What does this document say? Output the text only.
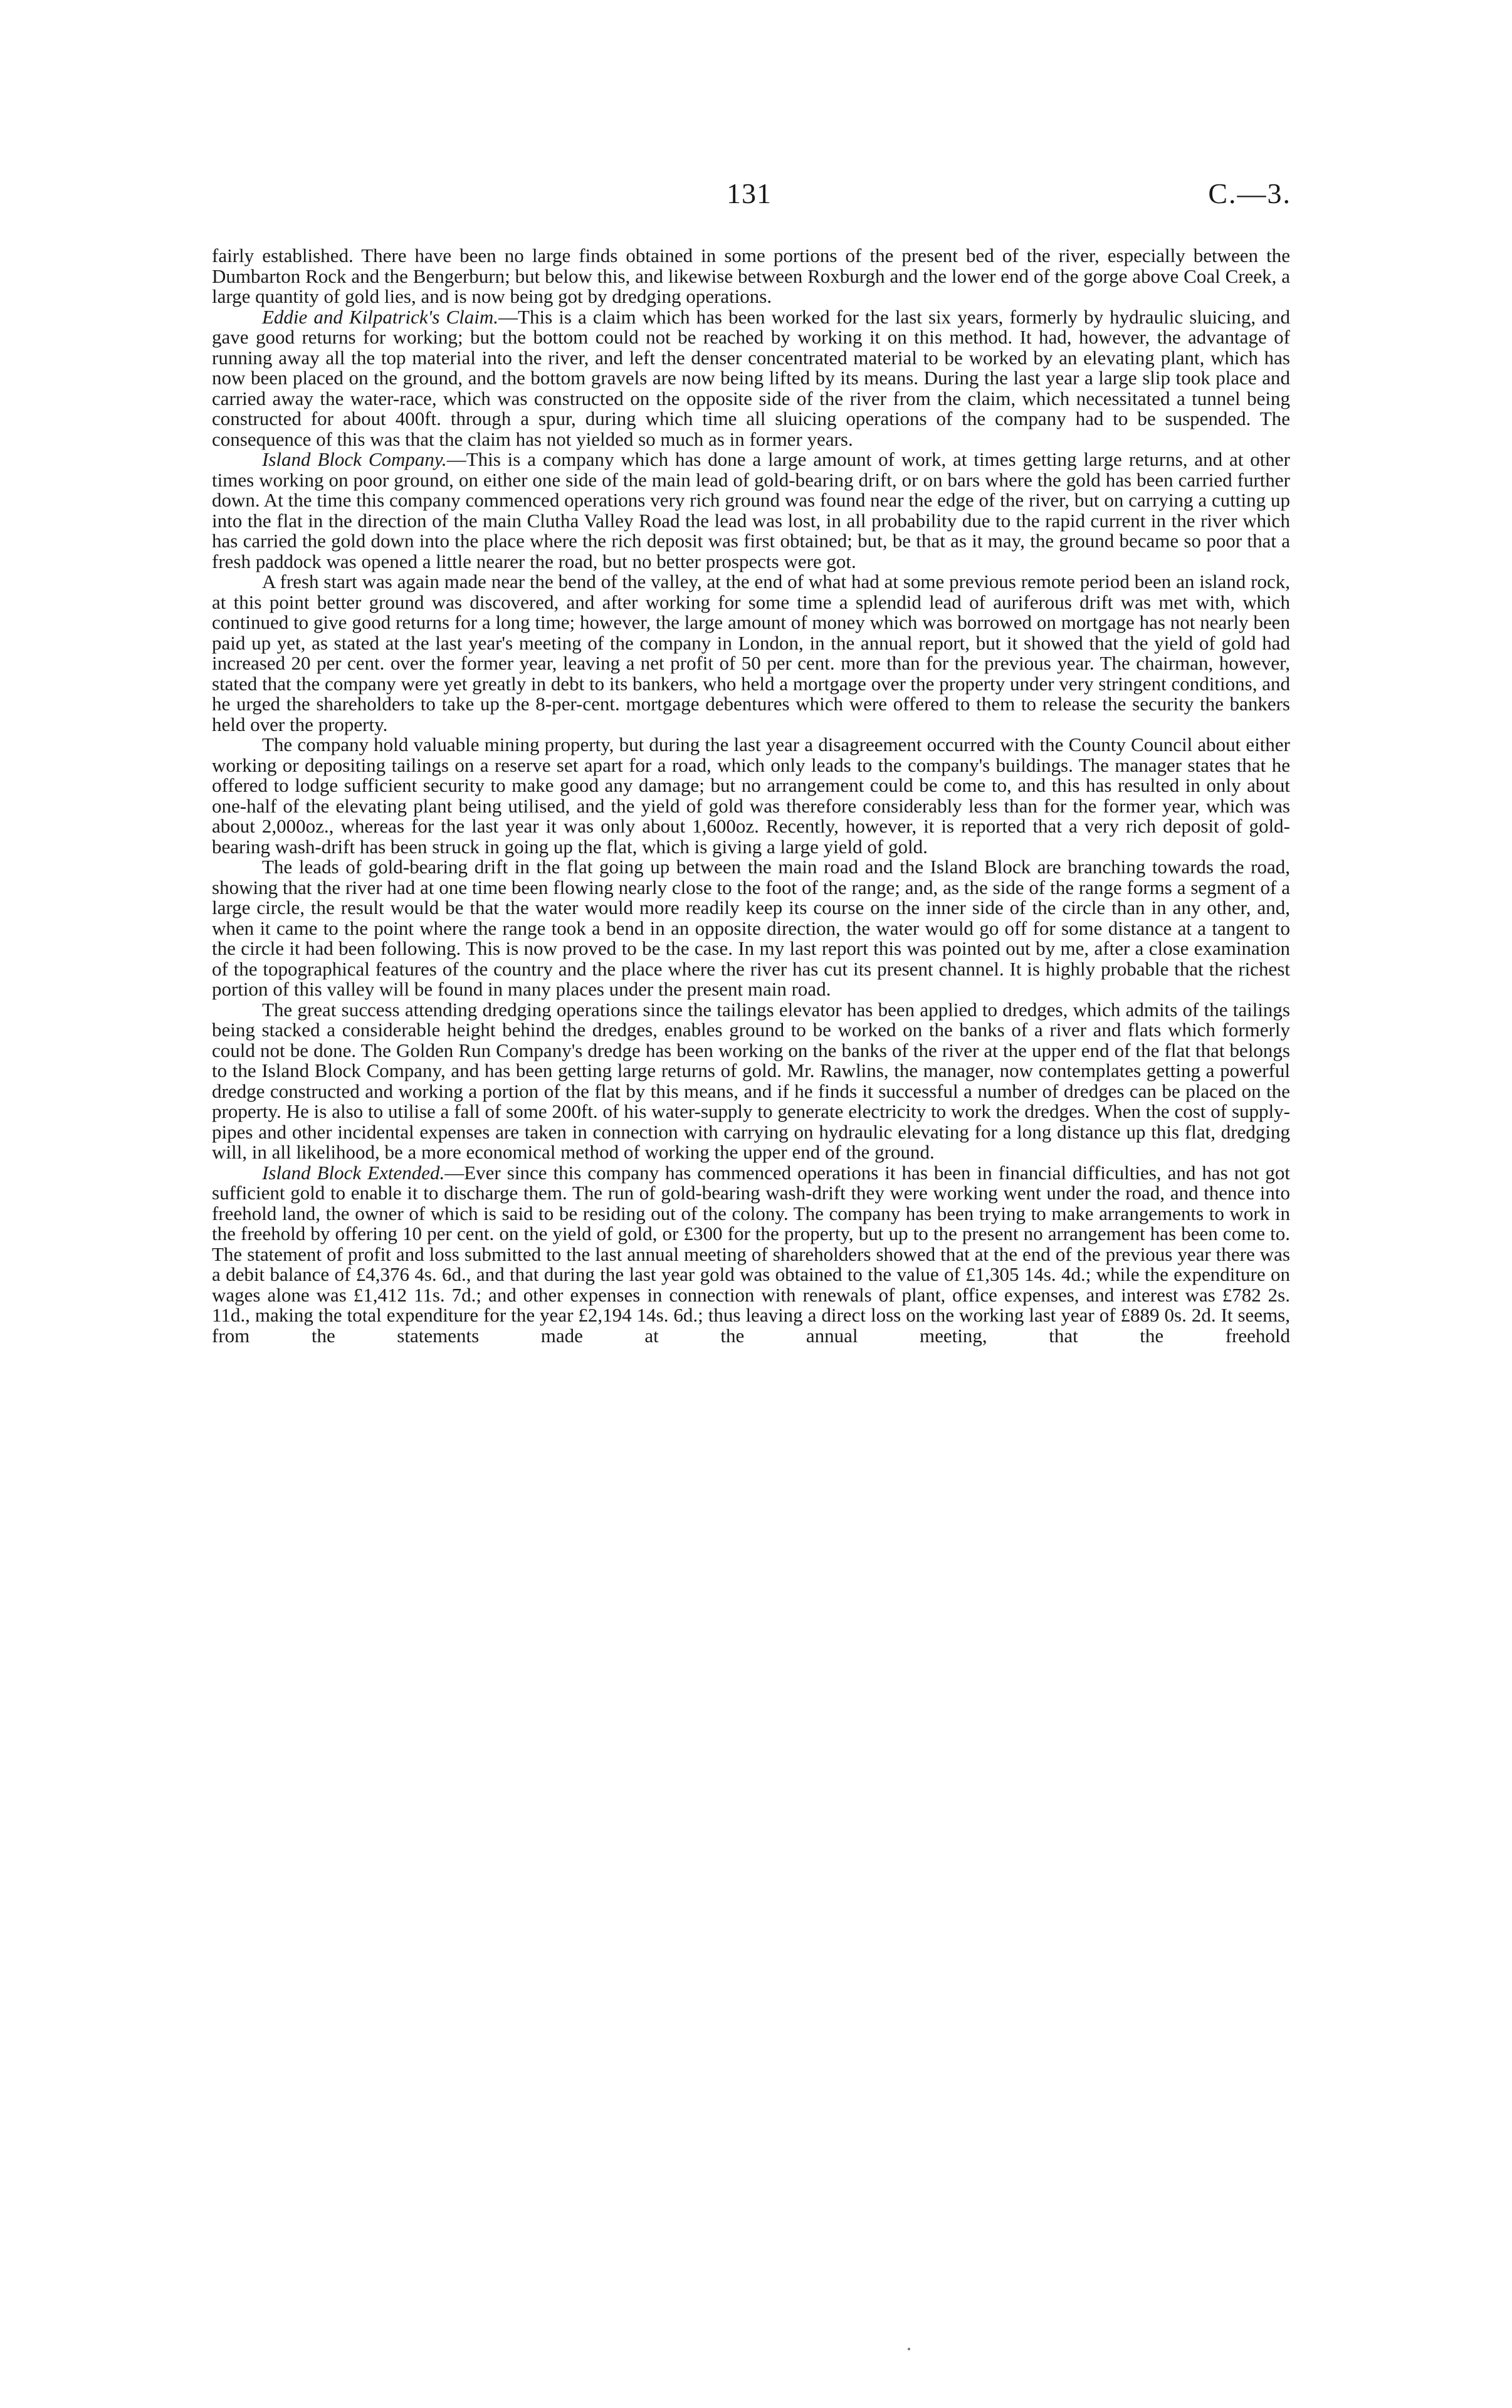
131	C.—3.

fairly established. There have been no large finds obtained in some portions of the present bed of the river, especially between the Dumbarton Rock and the Bengerburn; but below this, and likewise between Roxburgh and the lower end of the gorge above Coal Creek, a large quantity of gold lies, and is now being got by dredging operations.

Eddie and Kilpatrick's Claim.—This is a claim which has been worked for the last six years, formerly by hydraulic sluicing, and gave good returns for working; but the bottom could not be reached by working it on this method. It had, however, the advantage of running away all the top material into the river, and left the denser concentrated material to be worked by an elevating plant, which has now been placed on the ground, and the bottom gravels are now being lifted by its means. During the last year a large slip took place and carried away the water-race, which was constructed on the opposite side of the river from the claim, which necessitated a tunnel being constructed for about 400ft. through a spur, during which time all sluicing operations of the company had to be suspended. The consequence of this was that the claim has not yielded so much as in former years.

Island Block Company.—This is a company which has done a large amount of work, at times getting large returns, and at other times working on poor ground, on either one side of the main lead of gold-bearing drift, or on bars where the gold has been carried further down. At the time this company commenced operations very rich ground was found near the edge of the river, but on carrying a cutting up into the flat in the direction of the main Clutha Valley Road the lead was lost, in all probability due to the rapid current in the river which has carried the gold down into the place where the rich deposit was first obtained; but, be that as it may, the ground became so poor that a fresh paddock was opened a little nearer the road, but no better prospects were got.

A fresh start was again made near the bend of the valley, at the end of what had at some previous remote period been an island rock, at this point better ground was discovered, and after working for some time a splendid lead of auriferous drift was met with, which continued to give good returns for a long time; however, the large amount of money which was borrowed on mortgage has not nearly been paid up yet, as stated at the last year's meeting of the company in London, in the annual report, but it showed that the yield of gold had increased 20 per cent. over the former year, leaving a net profit of 50 per cent. more than for the previous year. The chairman, however, stated that the company were yet greatly in debt to its bankers, who held a mortgage over the property under very stringent conditions, and he urged the shareholders to take up the 8-per-cent. mortgage debentures which were offered to them to release the security the bankers held over the property.

The company hold valuable mining property, but during the last year a disagreement occurred with the County Council about either working or depositing tailings on a reserve set apart for a road, which only leads to the company's buildings. The manager states that he offered to lodge sufficient security to make good any damage; but no arrangement could be come to, and this has resulted in only about one-half of the elevating plant being utilised, and the yield of gold was therefore considerably less than for the former year, which was about 2,000oz., whereas for the last year it was only about 1,600oz. Recently, however, it is reported that a very rich deposit of gold-bearing wash-drift has been struck in going up the flat, which is giving a large yield of gold.

The leads of gold-bearing drift in the flat going up between the main road and the Island Block are branching towards the road, showing that the river had at one time been flowing nearly close to the foot of the range; and, as the side of the range forms a segment of a large circle, the result would be that the water would more readily keep its course on the inner side of the circle than in any other, and, when it came to the point where the range took a bend in an opposite direction, the water would go off for some distance at a tangent to the circle it had been following. This is now proved to be the case. In my last report this was pointed out by me, after a close examination of the topographical features of the country and the place where the river has cut its present channel. It is highly probable that the richest portion of this valley will be found in many places under the present main road.

The great success attending dredging operations since the tailings elevator has been applied to dredges, which admits of the tailings being stacked a considerable height behind the dredges, enables ground to be worked on the banks of a river and flats which formerly could not be done. The Golden Run Company's dredge has been working on the banks of the river at the upper end of the flat that belongs to the Island Block Company, and has been getting large returns of gold. Mr. Rawlins, the manager, now contemplates getting a powerful dredge constructed and working a portion of the flat by this means, and if he finds it successful a number of dredges can be placed on the property. He is also to utilise a fall of some 200ft. of his water-supply to generate electricity to work the dredges. When the cost of supply-pipes and other incidental expenses are taken in connection with carrying on hydraulic elevating for a long distance up this flat, dredging will, in all likelihood, be a more economical method of working the upper end of the ground.

Island Block Extended.—Ever since this company has commenced operations it has been in financial difficulties, and has not got sufficient gold to enable it to discharge them. The run of gold-bearing wash-drift they were working went under the road, and thence into freehold land, the owner of which is said to be residing out of the colony. The company has been trying to make arrangements to work in the freehold by offering 10 per cent. on the yield of gold, or £300 for the property, but up to the present no arrangement has been come to. The statement of profit and loss submitted to the last annual meeting of shareholders showed that at the end of the previous year there was a debit balance of £4,376 4s. 6d., and that during the last year gold was obtained to the value of £1,305 14s. 4d.; while the expenditure on wages alone was £1,412 11s. 7d.; and other expenses in connection with renewals of plant, office expenses, and interest was £782 2s. 11d., making the total expenditure for the year £2,194 14s. 6d.; thus leaving a direct loss on the working last year of £889 0s. 2d. It seems, from the statements made at the annual meeting, that the freehold
